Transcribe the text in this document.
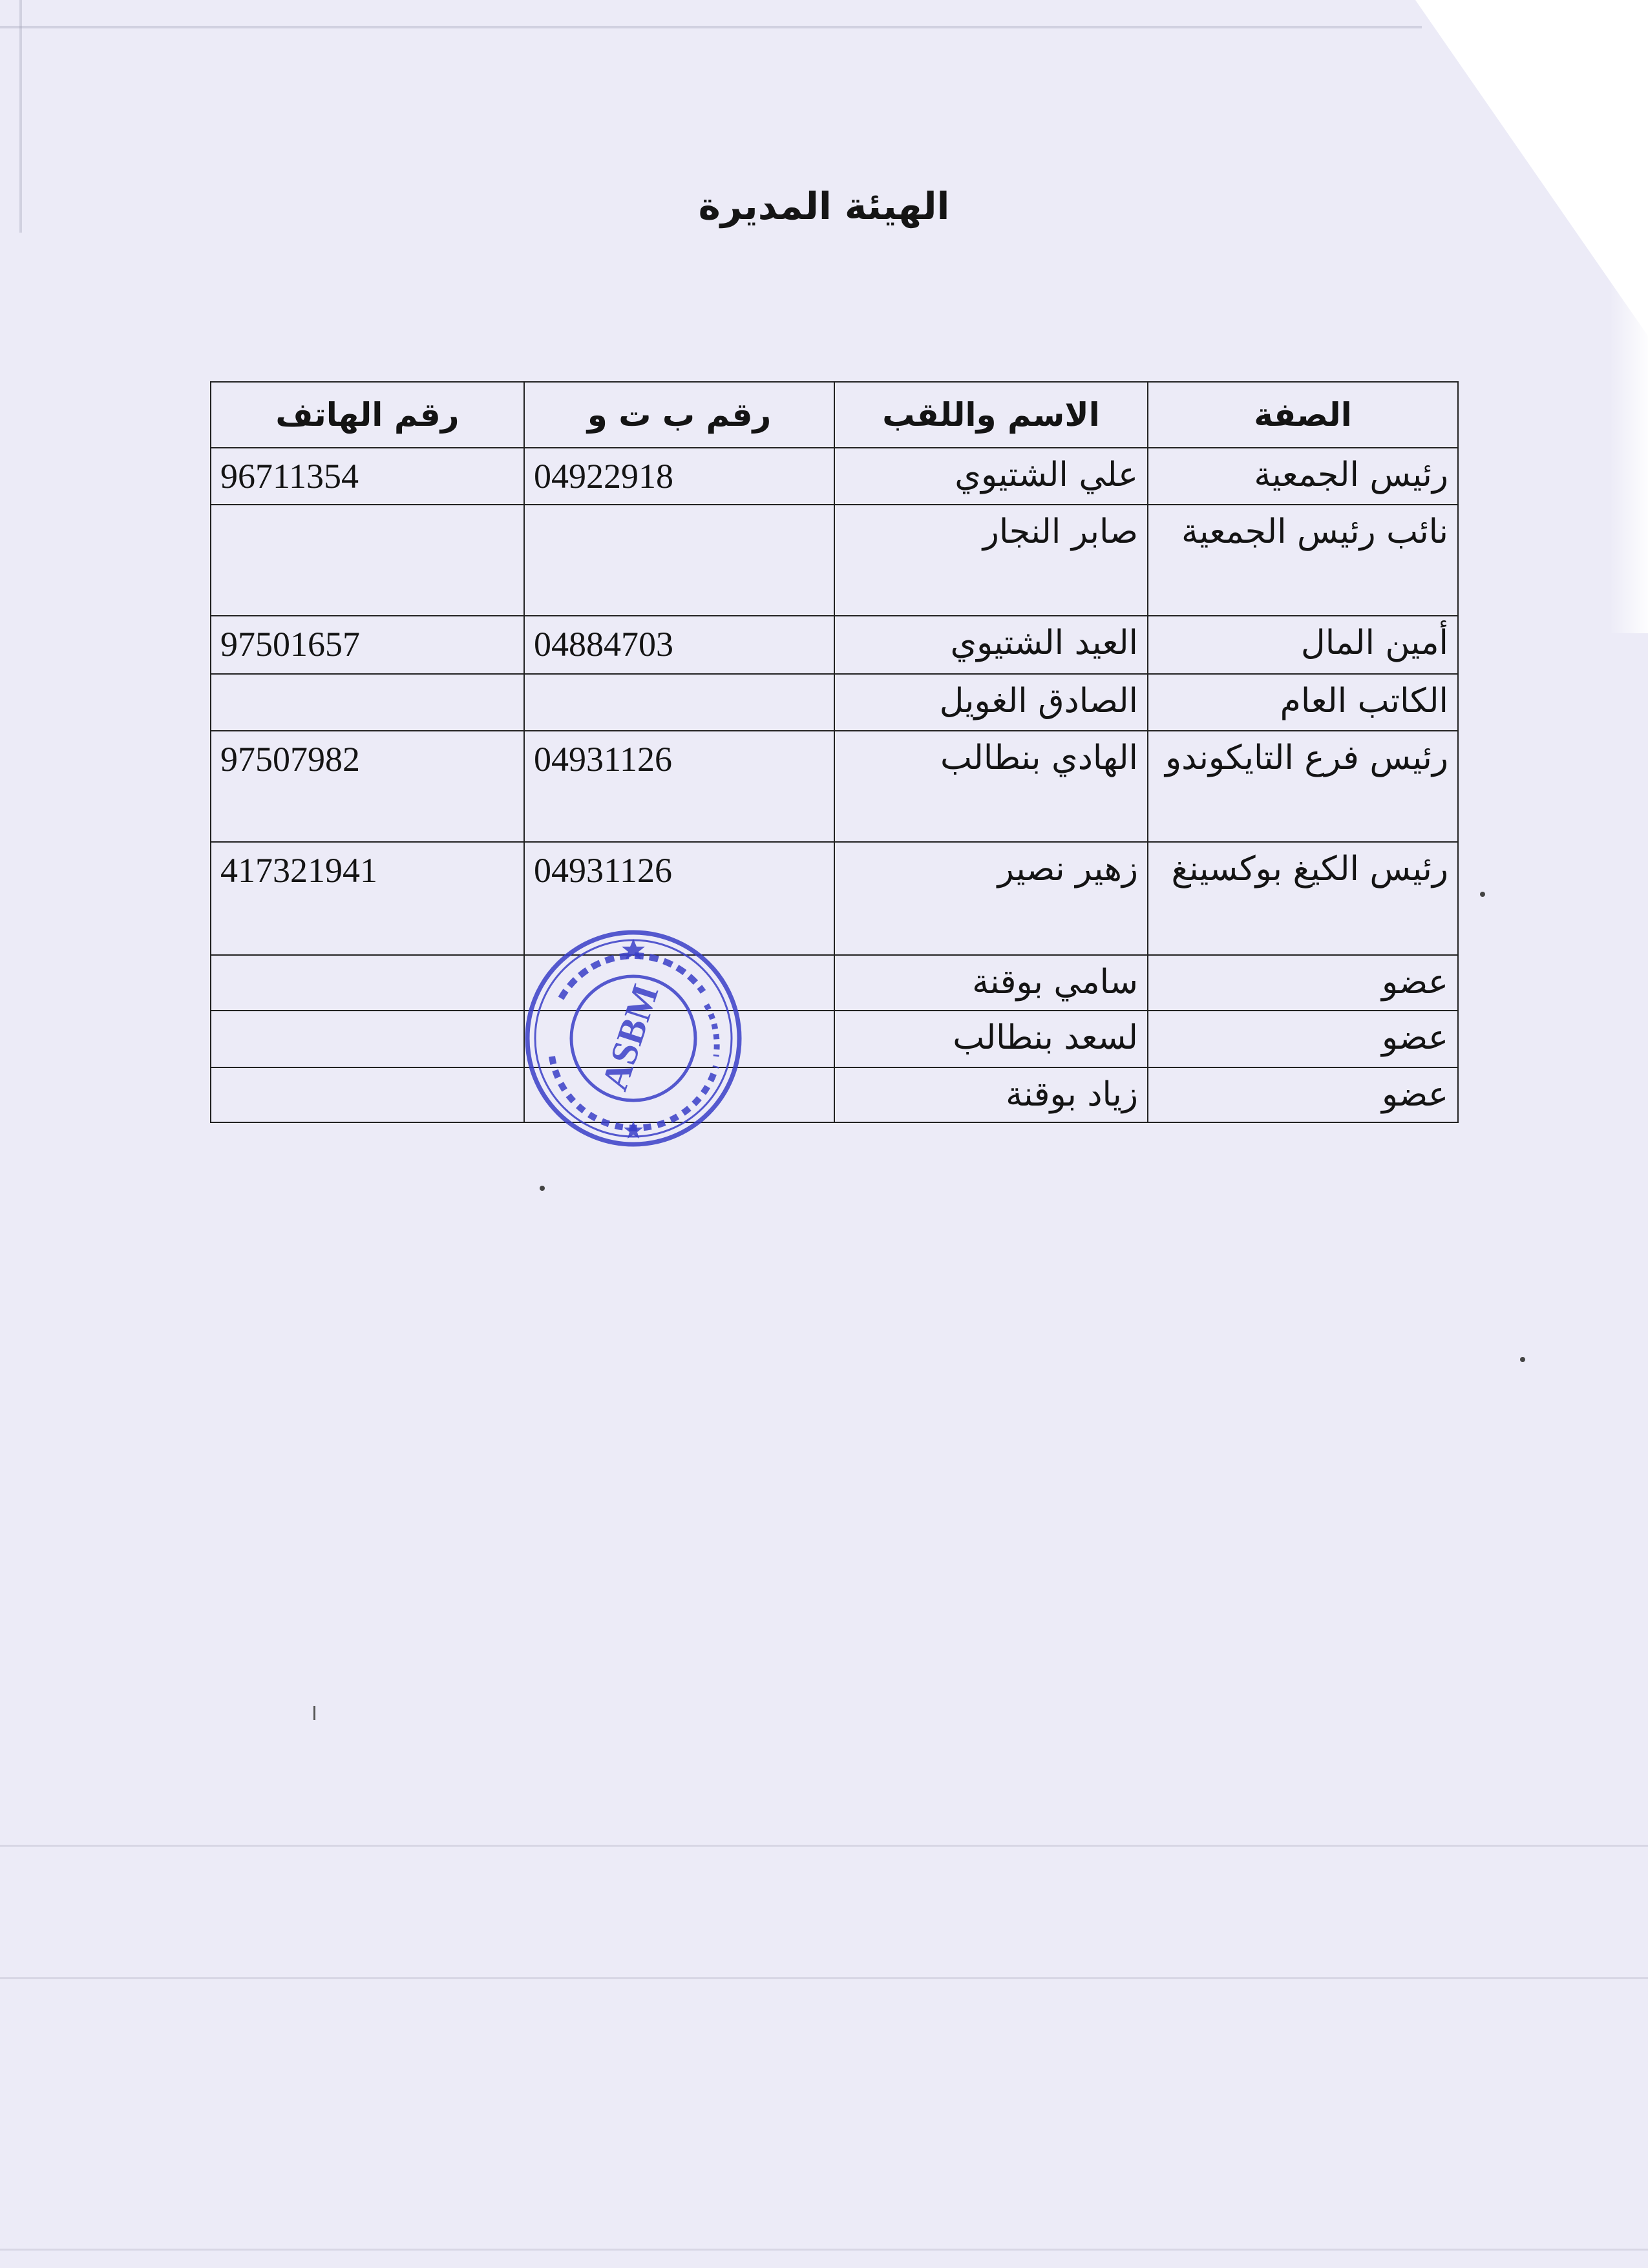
الهيئة المديرة
الصفة	الاسم واللقب	رقم ب ت و	رقم الهاتف
رئيس الجمعية	علي الشتيوي	04922918	96711354
نائب رئيس الجمعية	صابر النجار		
أمين المال	العيد الشتيوي	04884703	97501657
الكاتب العام	الصادق الغويل		
رئيس فرع التايكوندو	الهادي بنطالب	04931126	97507982
رئيس الكيغ بوكسينغ	زهير نصير	04931126	417321941
عضو	سامي بوقنة		
عضو	لسعد بنطالب		
عضو	زياد بوقنة		
ASBM
